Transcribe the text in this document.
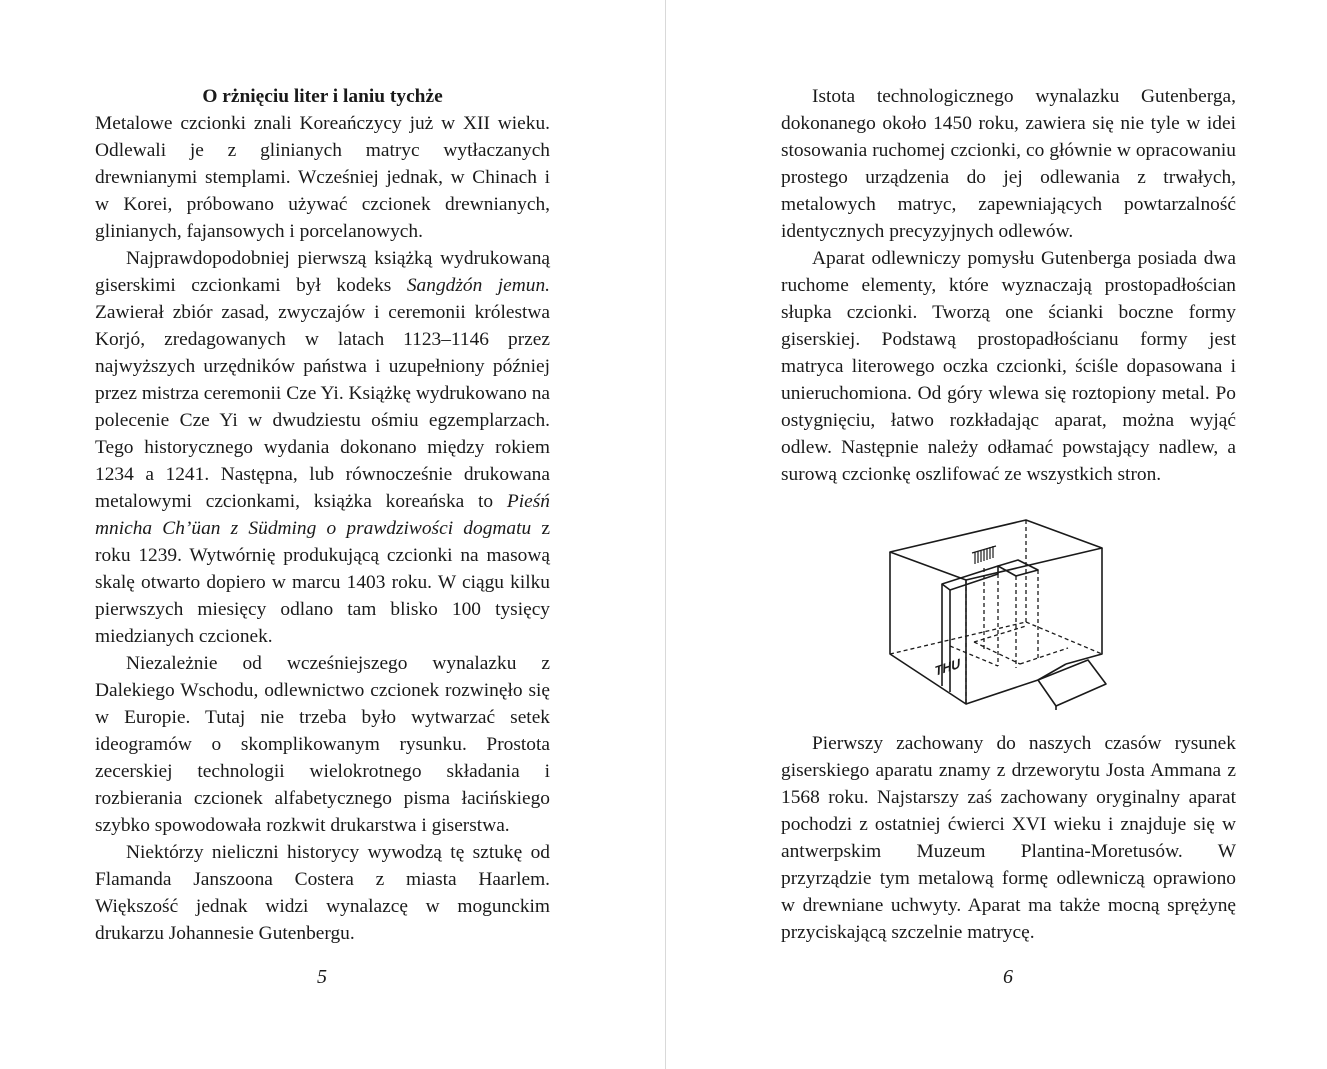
O rżnięciu liter i laniu tychże

Metalowe czcionki znali Koreańczycy już w XII wieku. Odlewali je z glinianych matryc wytłaczanych drewnianymi stemplami. Wcześniej jednak, w Chinach i w Korei, próbowano używać czcionek drewnianych, glinianych, fajansowych i porcelanowych.

Najprawdopodobniej pierwszą książką wydrukowaną giserskimi czcionkami był kodeks Sangdżón jemun. Zawierał zbiór zasad, zwyczajów i ceremonii królestwa Korjó, zredagowanych w latach 1123–1146 przez najwyższych urzędników państwa i uzupełniony później przez mistrza ceremonii Cze Yi. Książkę wydrukowano na polecenie Cze Yi w dwudziestu ośmiu egzemplarzach. Tego historycznego wydania dokonano między rokiem 1234 a 1241. Następna, lub równocześnie drukowana metalowymi czcionkami, książka koreańska to Pieśń mnicha Ch’üan z Südming o prawdziwości dogmatu z roku 1239. Wytwórnię produkującą czcionki na masową skalę otwarto dopiero w marcu 1403 roku. W ciągu kilku pierwszych miesięcy odlano tam blisko 100 tysięcy miedzianych czcionek.

Niezależnie od wcześniejszego wynalazku z Dalekiego Wschodu, odlewnictwo czcionek rozwinęło się w Europie. Tutaj nie trzeba było wytwarzać setek ideogramów o skomplikowanym rysunku. Prostota zecerskiej technologii wielokrotnego składania i rozbierania czcionek alfabetycznego pisma łacińskiego szybko spowodowała rozkwit drukarstwa i giserstwa.

Niektórzy nieliczni historycy wywodzą tę sztukę od Flamanda Janszoona Costera z miasta Haarlem. Większość jednak widzi wynalazcę w mogunckim drukarzu Johannesie Gutenbergu.

5

Istota technologicznego wynalazku Gutenberga, dokonanego około 1450 roku, zawiera się nie tyle w idei stosowania ruchomej czcionki, co głównie w opracowaniu prostego urządzenia do jej odlewania z trwałych, metalowych matryc, zapewniających powtarzalność identycznych precyzyjnych odlewów.

Aparat odlewniczy pomysłu Gutenberga posiada dwa ruchome elementy, które wyznaczają prostopadłościan słupka czcionki. Tworzą one ścianki boczne formy giserskiej. Podstawą prostopadłościanu formy jest matryca literowego oczka czcionki, ściśle dopasowana i unieruchomiona. Od góry wlewa się roztopiony metal. Po ostygnięciu, łatwo rozkładając aparat, można wyjąć odlew. Następnie należy odłamać powstający nadlew, a surową czcionkę oszlifować ze wszystkich stron.

THU

Pierwszy zachowany do naszych czasów rysunek giserskiego aparatu znamy z drzeworytu Josta Ammana z 1568 roku. Najstarszy zaś zachowany oryginalny aparat pochodzi z ostatniej ćwierci XVI wieku i znajduje się w antwerpskim Muzeum Plantina-Moretusów. W przyrządzie tym metalową formę odlewniczą oprawiono w drewniane uchwyty. Aparat ma także mocną sprężynę przyciskającą szczelnie matrycę.

6
